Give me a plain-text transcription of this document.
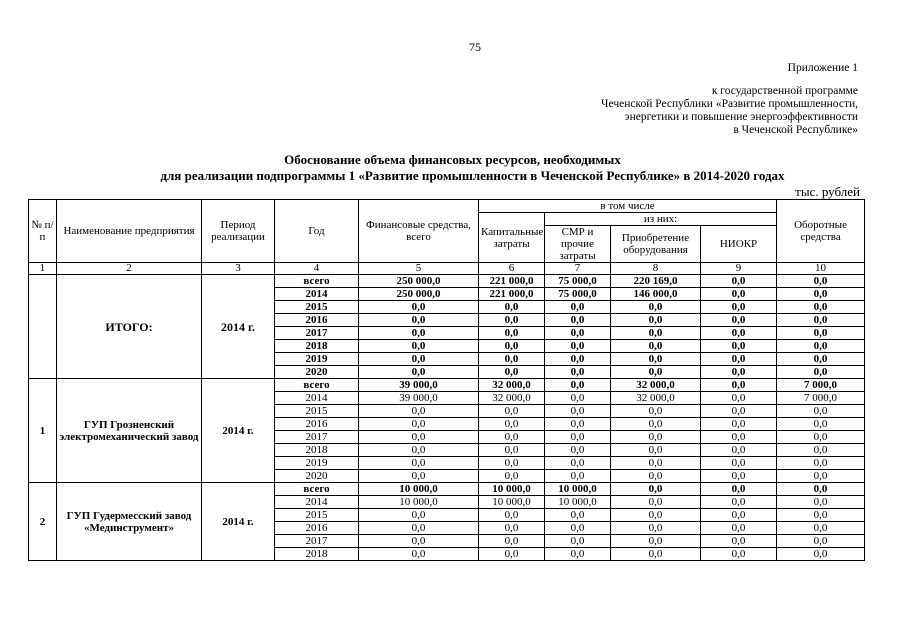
75
Приложение 1
к государственной программе
Чеченской Республики «Развитие промышленности,
энергетики и повышение энергоэффективности
в Чеченской Республике»
Обоснование объема финансовых ресурсов, необходимых
для реализации подпрограммы 1 «Развитие промышленности в Чеченской Республике» в 2014-2020 годах
тыс. рублей
№ п/п	Наименование предприятия	Период реализации	Год	Финансовые средства, всего	в том числе				Оборотные средства
					Капитальные затраты	из них:			
						СМР и прочие затраты	Приобретение оборудования	НИОКР	
1	2	3	4	5	6	7	8	9	10
	ИТОГО:	2014 г.	всего	250 000,0	221 000,0	75 000,0	220 169,0	0,0	0,0
			2014	250 000,0	221 000,0	75 000,0	146 000,0	0,0	0,0
			2015	0,0	0,0	0,0	0,0	0,0	0,0
			2016	0,0	0,0	0,0	0,0	0,0	0,0
			2017	0,0	0,0	0,0	0,0	0,0	0,0
			2018	0,0	0,0	0,0	0,0	0,0	0,0
			2019	0,0	0,0	0,0	0,0	0,0	0,0
			2020	0,0	0,0	0,0	0,0	0,0	0,0
1	ГУП Грозненский электромеханический завод	2014 г.	всего	39 000,0	32 000,0	0,0	32 000,0	0,0	7 000,0
			2014	39 000,0	32 000,0	0,0	32 000,0	0,0	7 000,0
			2015	0,0	0,0	0,0	0,0	0,0	0,0
			2016	0,0	0,0	0,0	0,0	0,0	0,0
			2017	0,0	0,0	0,0	0,0	0,0	0,0
			2018	0,0	0,0	0,0	0,0	0,0	0,0
			2019	0,0	0,0	0,0	0,0	0,0	0,0
			2020	0,0	0,0	0,0	0,0	0,0	0,0
2	ГУП Гудермесский завод «Мединструмент»	2014 г.	всего	10 000,0	10 000,0	10 000,0	0,0	0,0	0,0
			2014	10 000,0	10 000,0	10 000,0	0,0	0,0	0,0
			2015	0,0	0,0	0,0	0,0	0,0	0,0
			2016	0,0	0,0	0,0	0,0	0,0	0,0
			2017	0,0	0,0	0,0	0,0	0,0	0,0
			2018	0,0	0,0	0,0	0,0	0,0	0,0
